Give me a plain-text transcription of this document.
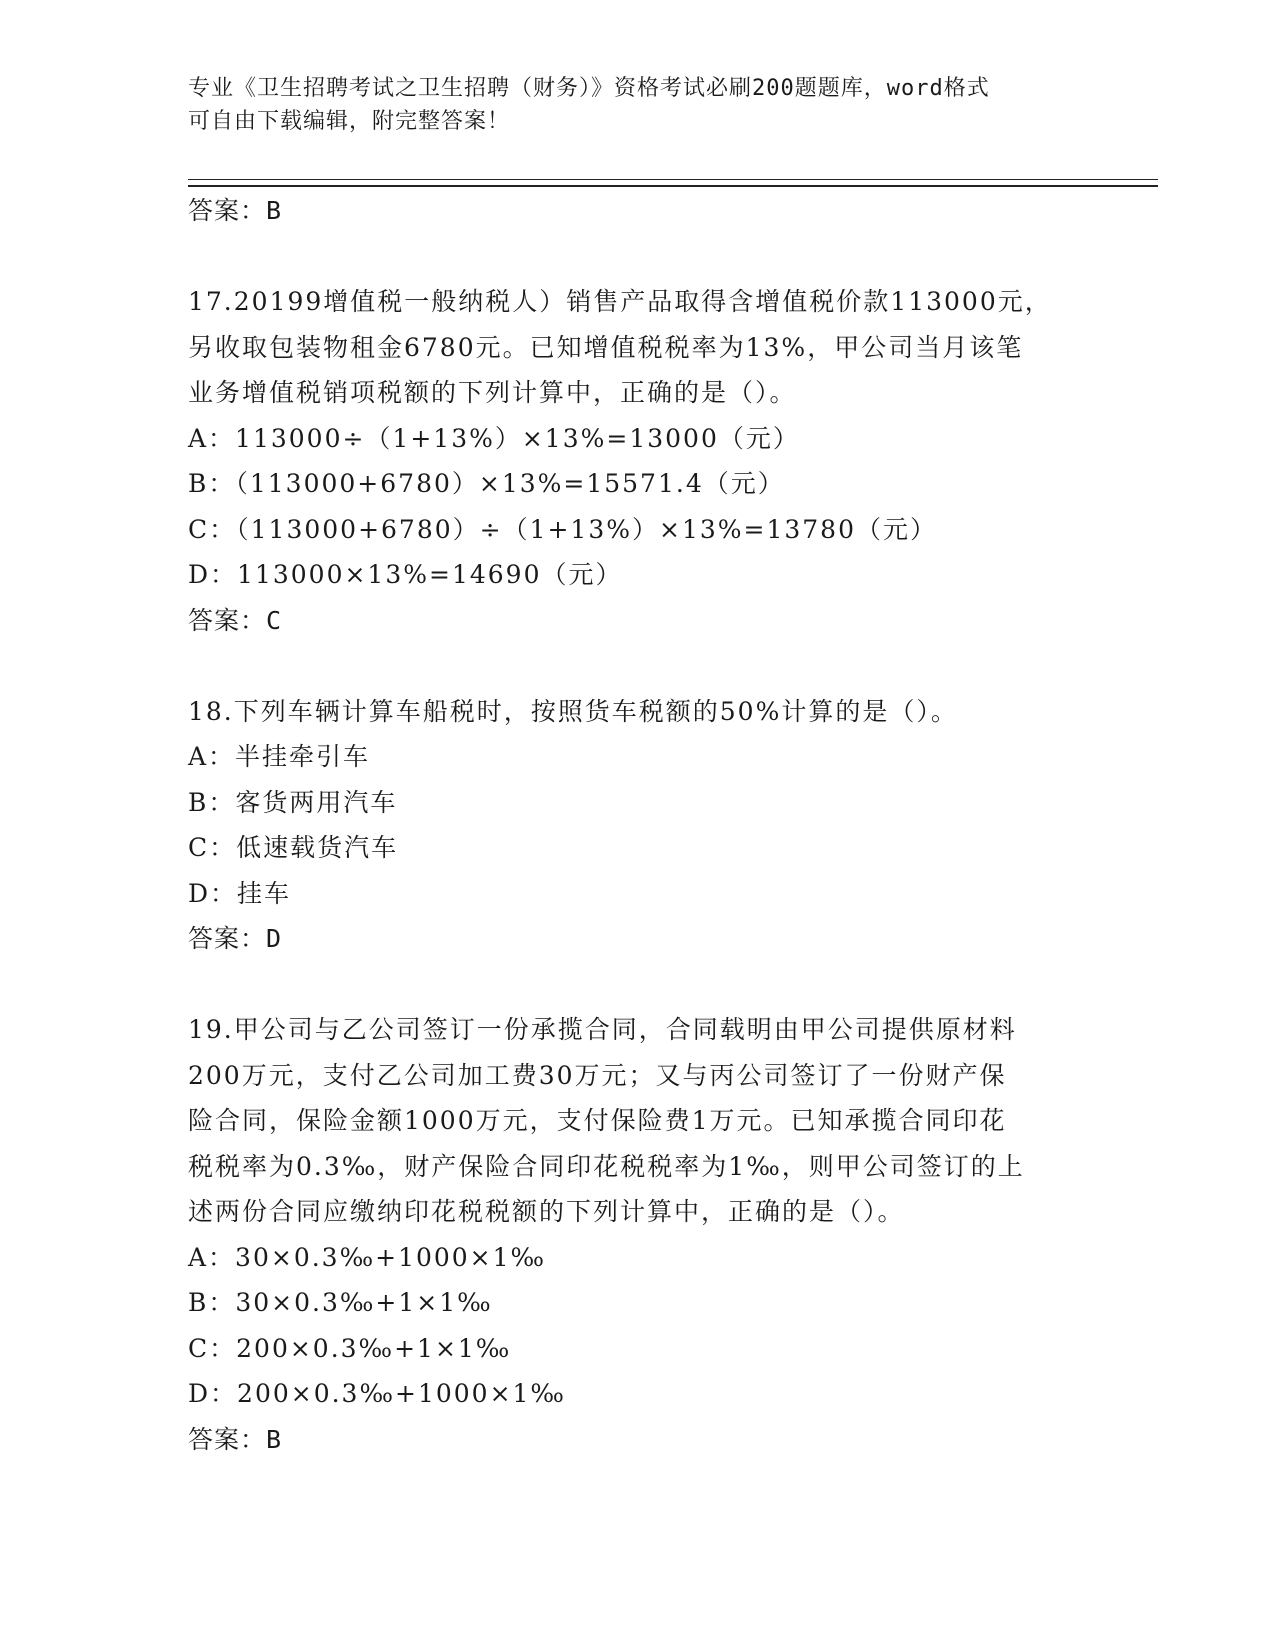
专业《卫生招聘考试之卫生招聘（财务）》资格考试必刷200题题库，word格式
可自由下载编辑，附完整答案！
答案：B
17.20199增值税一般纳税人）销售产品取得含增值税价款113000元，
另收取包装物租金6780元。已知增值税税率为13%，甲公司当月该笔
业务增值税销项税额的下列计算中，正确的是（）。
A：113000÷（1+13%）×13%=13000（元）
B：（113000+6780）×13%=15571.4（元）
C：（113000+6780）÷（1+13%）×13%=13780（元）
D：113000×13%=14690（元）
答案：C
18.下列车辆计算车船税时，按照货车税额的50%计算的是（）。
A：半挂牵引车
B：客货两用汽车
C：低速载货汽车
D：挂车
答案：D
19.甲公司与乙公司签订一份承揽合同，合同载明由甲公司提供原材料
200万元，支付乙公司加工费30万元；又与丙公司签订了一份财产保
险合同，保险金额1000万元，支付保险费1万元。已知承揽合同印花
税税率为0.3‰，财产保险合同印花税税率为1‰，则甲公司签订的上
述两份合同应缴纳印花税税额的下列计算中，正确的是（）。
A：30×0.3‰+1000×1‰
B：30×0.3‰+1×1‰
C：200×0.3‰+1×1‰
D：200×0.3‰+1000×1‰
答案：B
